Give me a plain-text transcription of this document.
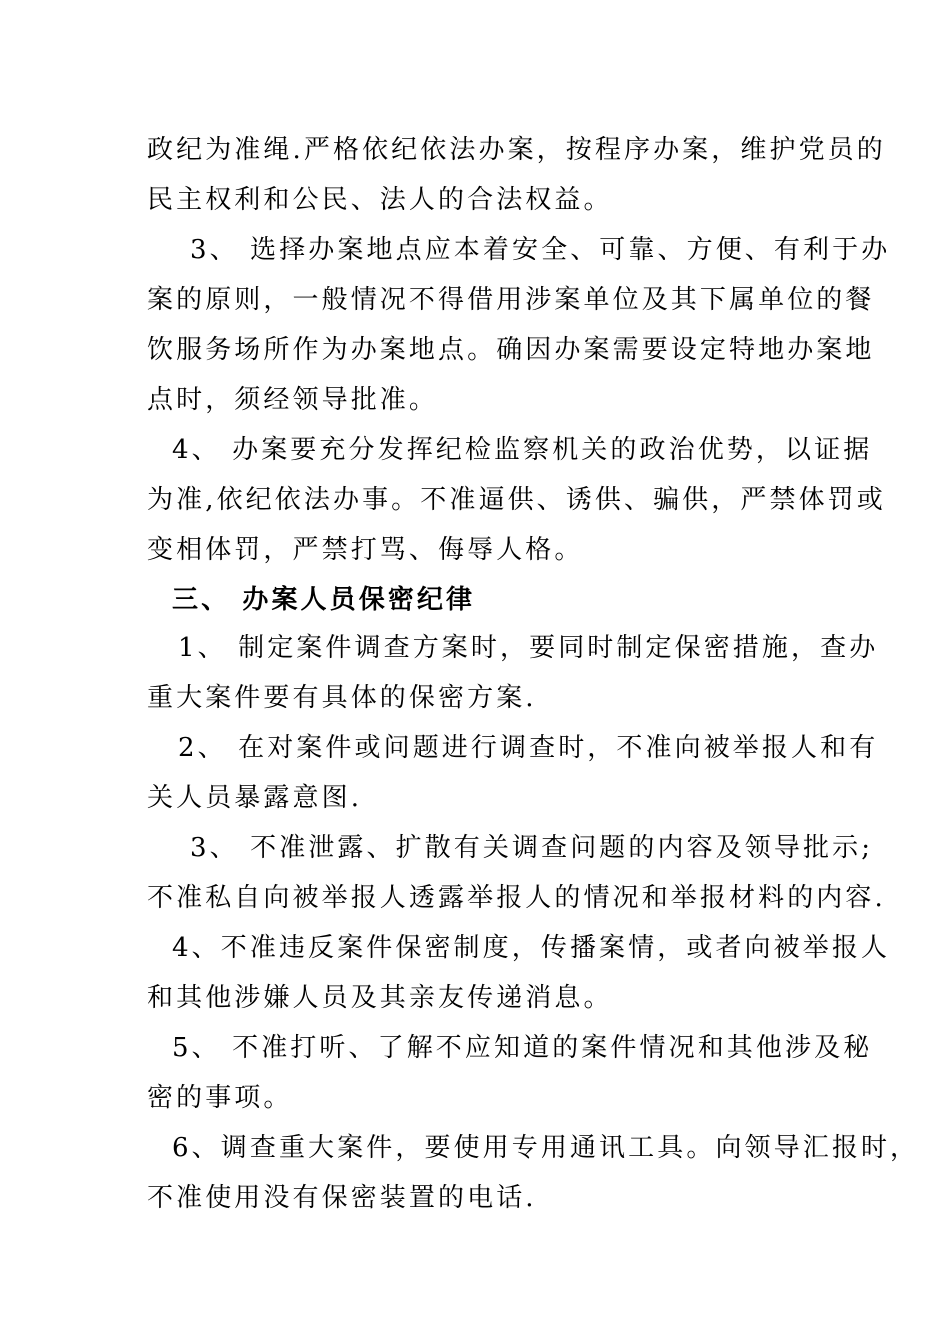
政纪为准绳.严格依纪依法办案，按程序办案，维护党员的
民主权利和公民、法人的合法权益。
3、 选择办案地点应本着安全、可靠、方便、有利于办
案的原则，一般情况不得借用涉案单位及其下属单位的餐
饮服务场所作为办案地点。确因办案需要设定特地办案地
点时，须经领导批准。
4、 办案要充分发挥纪检监察机关的政治优势，以证据
为准,依纪依法办事。不准逼供、诱供、骗供，严禁体罚或
变相体罚，严禁打骂、侮辱人格。
三、 办案人员保密纪律
1、 制定案件调查方案时，要同时制定保密措施，查办
重大案件要有具体的保密方案.
2、 在对案件或问题进行调查时，不准向被举报人和有
关人员暴露意图.
3、 不准泄露、扩散有关调查问题的内容及领导批示;
不准私自向被举报人透露举报人的情况和举报材料的内容.
4、不准违反案件保密制度，传播案情，或者向被举报人
和其他涉嫌人员及其亲友传递消息。
5、 不准打听、了解不应知道的案件情况和其他涉及秘
密的事项。
6、调查重大案件，要使用专用通讯工具。向领导汇报时，
不准使用没有保密装置的电话.
